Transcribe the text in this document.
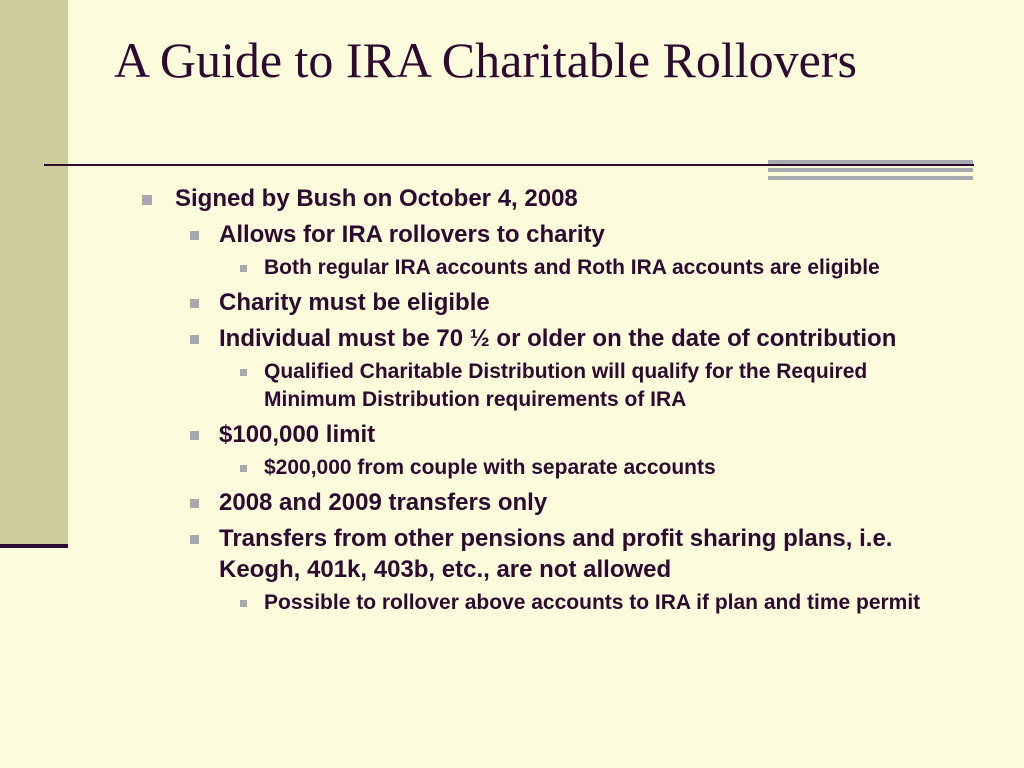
A Guide to IRA Charitable Rollovers
Signed by Bush on October 4, 2008
Allows for IRA rollovers to charity
Both regular IRA accounts and Roth IRA accounts are eligible
Charity must be eligible
Individual must be 70 ½ or older on the date of contribution
Qualified Charitable Distribution will qualify for the Required Minimum Distribution requirements of IRA
$100,000 limit
$200,000 from couple with separate accounts
2008 and 2009 transfers only
Transfers from other pensions and profit sharing plans, i.e. Keogh, 401k, 403b, etc., are not allowed
Possible to rollover above accounts to IRA if plan and time permit
